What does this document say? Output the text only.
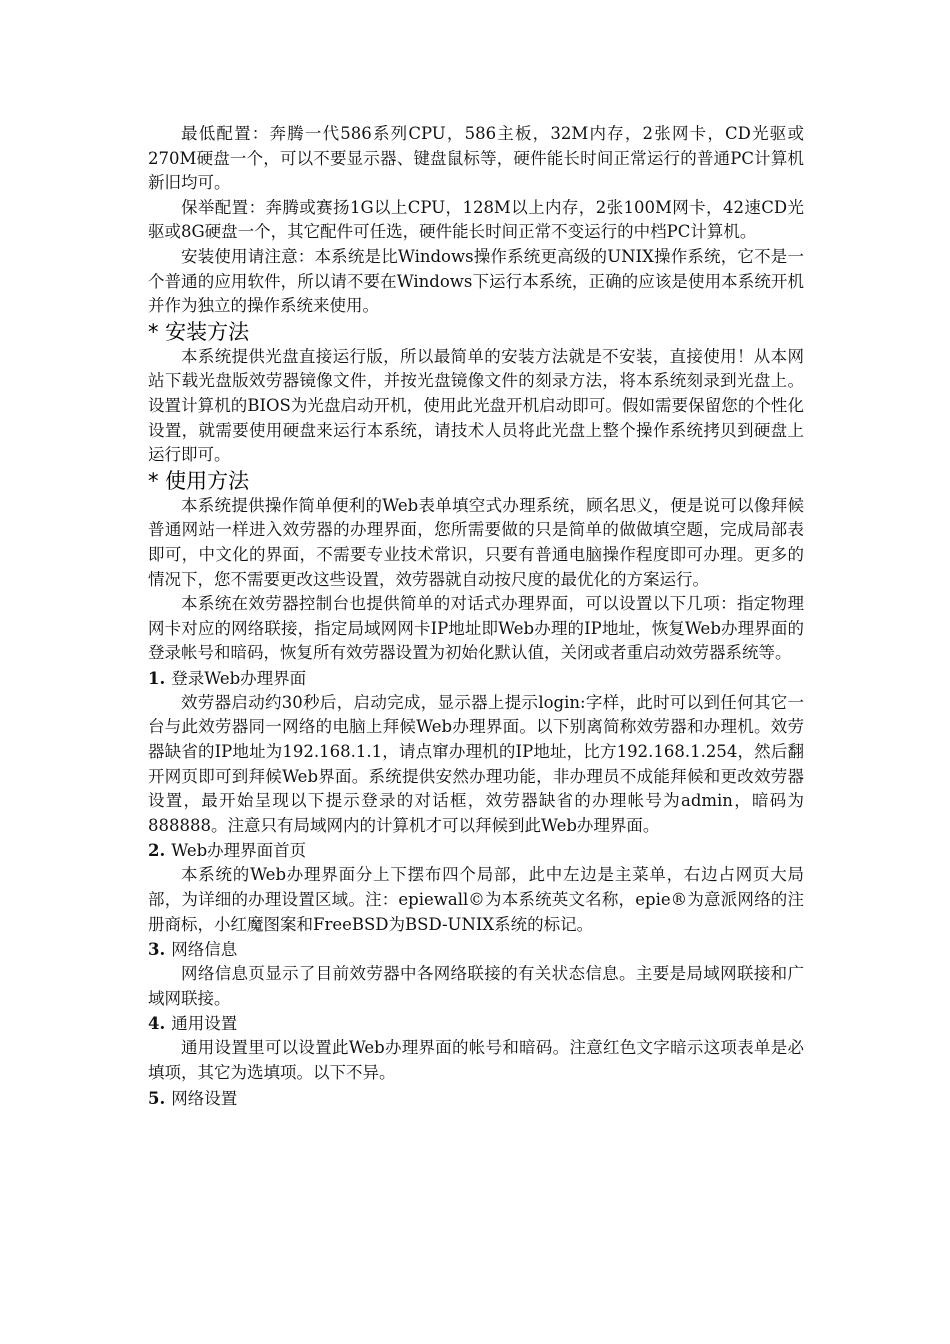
最低配置：奔腾一代586系列CPU，586主板，32M内存，2张网卡，CD光驱或270M硬盘一个，可以不要显示器、键盘鼠标等，硬件能长时间正常运行的普通PC计算机新旧均可。

保举配置：奔腾或赛扬1G以上CPU，128M以上内存，2张100M网卡，42速CD光驱或8G硬盘一个，其它配件可任选，硬件能长时间正常不变运行的中档PC计算机。

安装使用请注意：本系统是比Windows操作系统更高级的UNIX操作系统，它不是一个普通的应用软件，所以请不要在Windows下运行本系统，正确的应该是使用本系统开机并作为独立的操作系统来使用。

* 安装方法

本系统提供光盘直接运行版，所以最简单的安装方法就是不安装，直接使用！从本网站下载光盘版效劳器镜像文件，并按光盘镜像文件的刻录方法，将本系统刻录到光盘上。设置计算机的BIOS为光盘启动开机，使用此光盘开机启动即可。假如需要保留您的个性化设置，就需要使用硬盘来运行本系统，请技术人员将此光盘上整个操作系统拷贝到硬盘上运行即可。

* 使用方法

本系统提供操作简单便利的Web表单填空式办理系统，顾名思义，便是说可以像拜候普通网站一样进入效劳器的办理界面，您所需要做的只是简单的做做填空题，完成局部表即可，中文化的界面，不需要专业技术常识，只要有普通电脑操作程度即可办理。更多的情况下，您不需要更改这些设置，效劳器就自动按尺度的最优化的方案运行。

本系统在效劳器控制台也提供简单的对话式办理界面，可以设置以下几项：指定物理网卡对应的网络联接，指定局域网网卡IP地址即Web办理的IP地址，恢复Web办理界面的登录帐号和暗码，恢复所有效劳器设置为初始化默认值，关闭或者重启动效劳器系统等。

1. 登录Web办理界面

效劳器启动约30秒后，启动完成，显示器上提示login:字样，此时可以到任何其它一台与此效劳器同一网络的电脑上拜候Web办理界面。以下别离简称效劳器和办理机。效劳器缺省的IP地址为192.168.1.1，请点窜办理机的IP地址，比方192.168.1.254，然后翻开网页即可到拜候Web界面。系统提供安然办理功能，非办理员不成能拜候和更改效劳器设置，最开始呈现以下提示登录的对话框，效劳器缺省的办理帐号为admin，暗码为888888。注意只有局域网内的计算机才可以拜候到此Web办理界面。

2. Web办理界面首页

本系统的Web办理界面分上下摆布四个局部，此中左边是主菜单，右边占网页大局部，为详细的办理设置区域。注：epiewall©为本系统英文名称，epie®为意派网络的注册商标，小红魔图案和FreeBSD为BSD-UNIX系统的标记。

3. 网络信息

网络信息页显示了目前效劳器中各网络联接的有关状态信息。主要是局域网联接和广域网联接。

4. 通用设置

通用设置里可以设置此Web办理界面的帐号和暗码。注意红色文字暗示这项表单是必填项，其它为选填项。以下不异。

5. 网络设置
